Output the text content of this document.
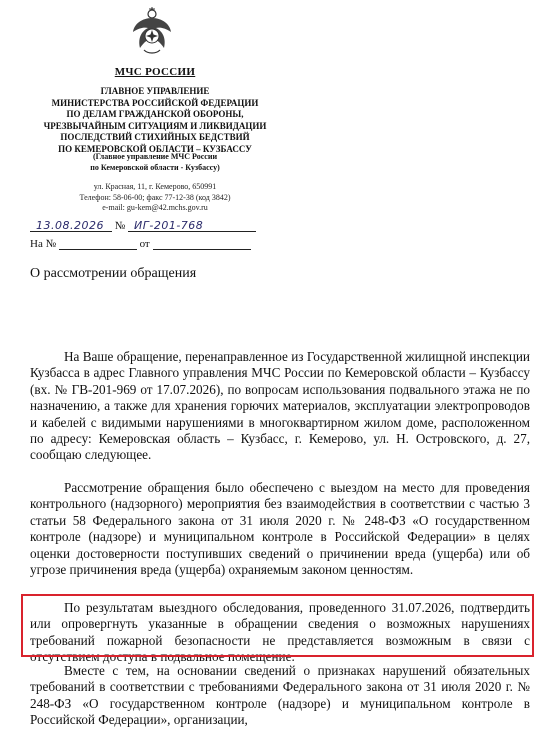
МЧС РОССИИ
ГЛАВНОЕ УПРАВЛЕНИЕ
МИНИСТЕРСТВА РОССИЙСКОЙ ФЕДЕРАЦИИ
ПО ДЕЛАМ ГРАЖДАНСКОЙ ОБОРОНЫ,
ЧРЕЗВЫЧАЙНЫМ СИТУАЦИЯМ И ЛИКВИДАЦИИ
ПОСЛЕДСТВИЙ СТИХИЙНЫХ БЕДСТВИЙ
ПО КЕМЕРОВСКОЙ ОБЛАСТИ – КУЗБАССУ
(Главное управление МЧС России
по Кемеровской области - Кузбассу)
ул. Красная, 11, г. Кемерово, 650991
Телефон: 58-06-00; факс 77-12-38 (код 3842)
e-mail: gu-kem@42.mchs.gov.ru
13.08.2026 № ИГ-201-768
На №	от
О рассмотрении обращения

На Ваше обращение, перенаправленное из Государственной жилищной инспекции Кузбасса в адрес Главного управления МЧС России по Кемеровской области – Кузбассу (вх. № ГВ-201-969 от 17.07.2026), по вопросам использования подвального этажа не по назначению, а также для хранения горючих материалов, эксплуатации электропроводов и кабелей с видимыми нарушениями в многоквартирном жилом доме, расположенном по адресу: Кемеровская область – Кузбасс, г. Кемерово, ул. Н. Островского, д. 27, сообщаю следующее.

Рассмотрение обращения было обеспечено с выездом на место для проведения контрольного (надзорного) мероприятия без взаимодействия в соответствии с частью 3 статьи 58 Федерального закона от 31 июля 2020 г. № 248-ФЗ «О государственном контроле (надзоре) и муниципальном контроле в Российской Федерации» в целях оценки достоверности поступивших сведений о причинении вреда (ущерба) или об угрозе причинения вреда (ущерба) охраняемым законом ценностям.

По результатам выездного обследования, проведенного 31.07.2026, подтвердить или опровергнуть указанные в обращении сведения о возможных нарушениях требований пожарной безопасности не представляется возможным в связи с отсутствием доступа в подвальное помещение.

Вместе с тем, на основании сведений о признаках нарушений обязательных требований в соответствии с требованиями Федерального закона от 31 июля 2020 г. № 248-ФЗ «О государственном контроле (надзоре) и муниципальном контроле в Российской Федерации», организации,
